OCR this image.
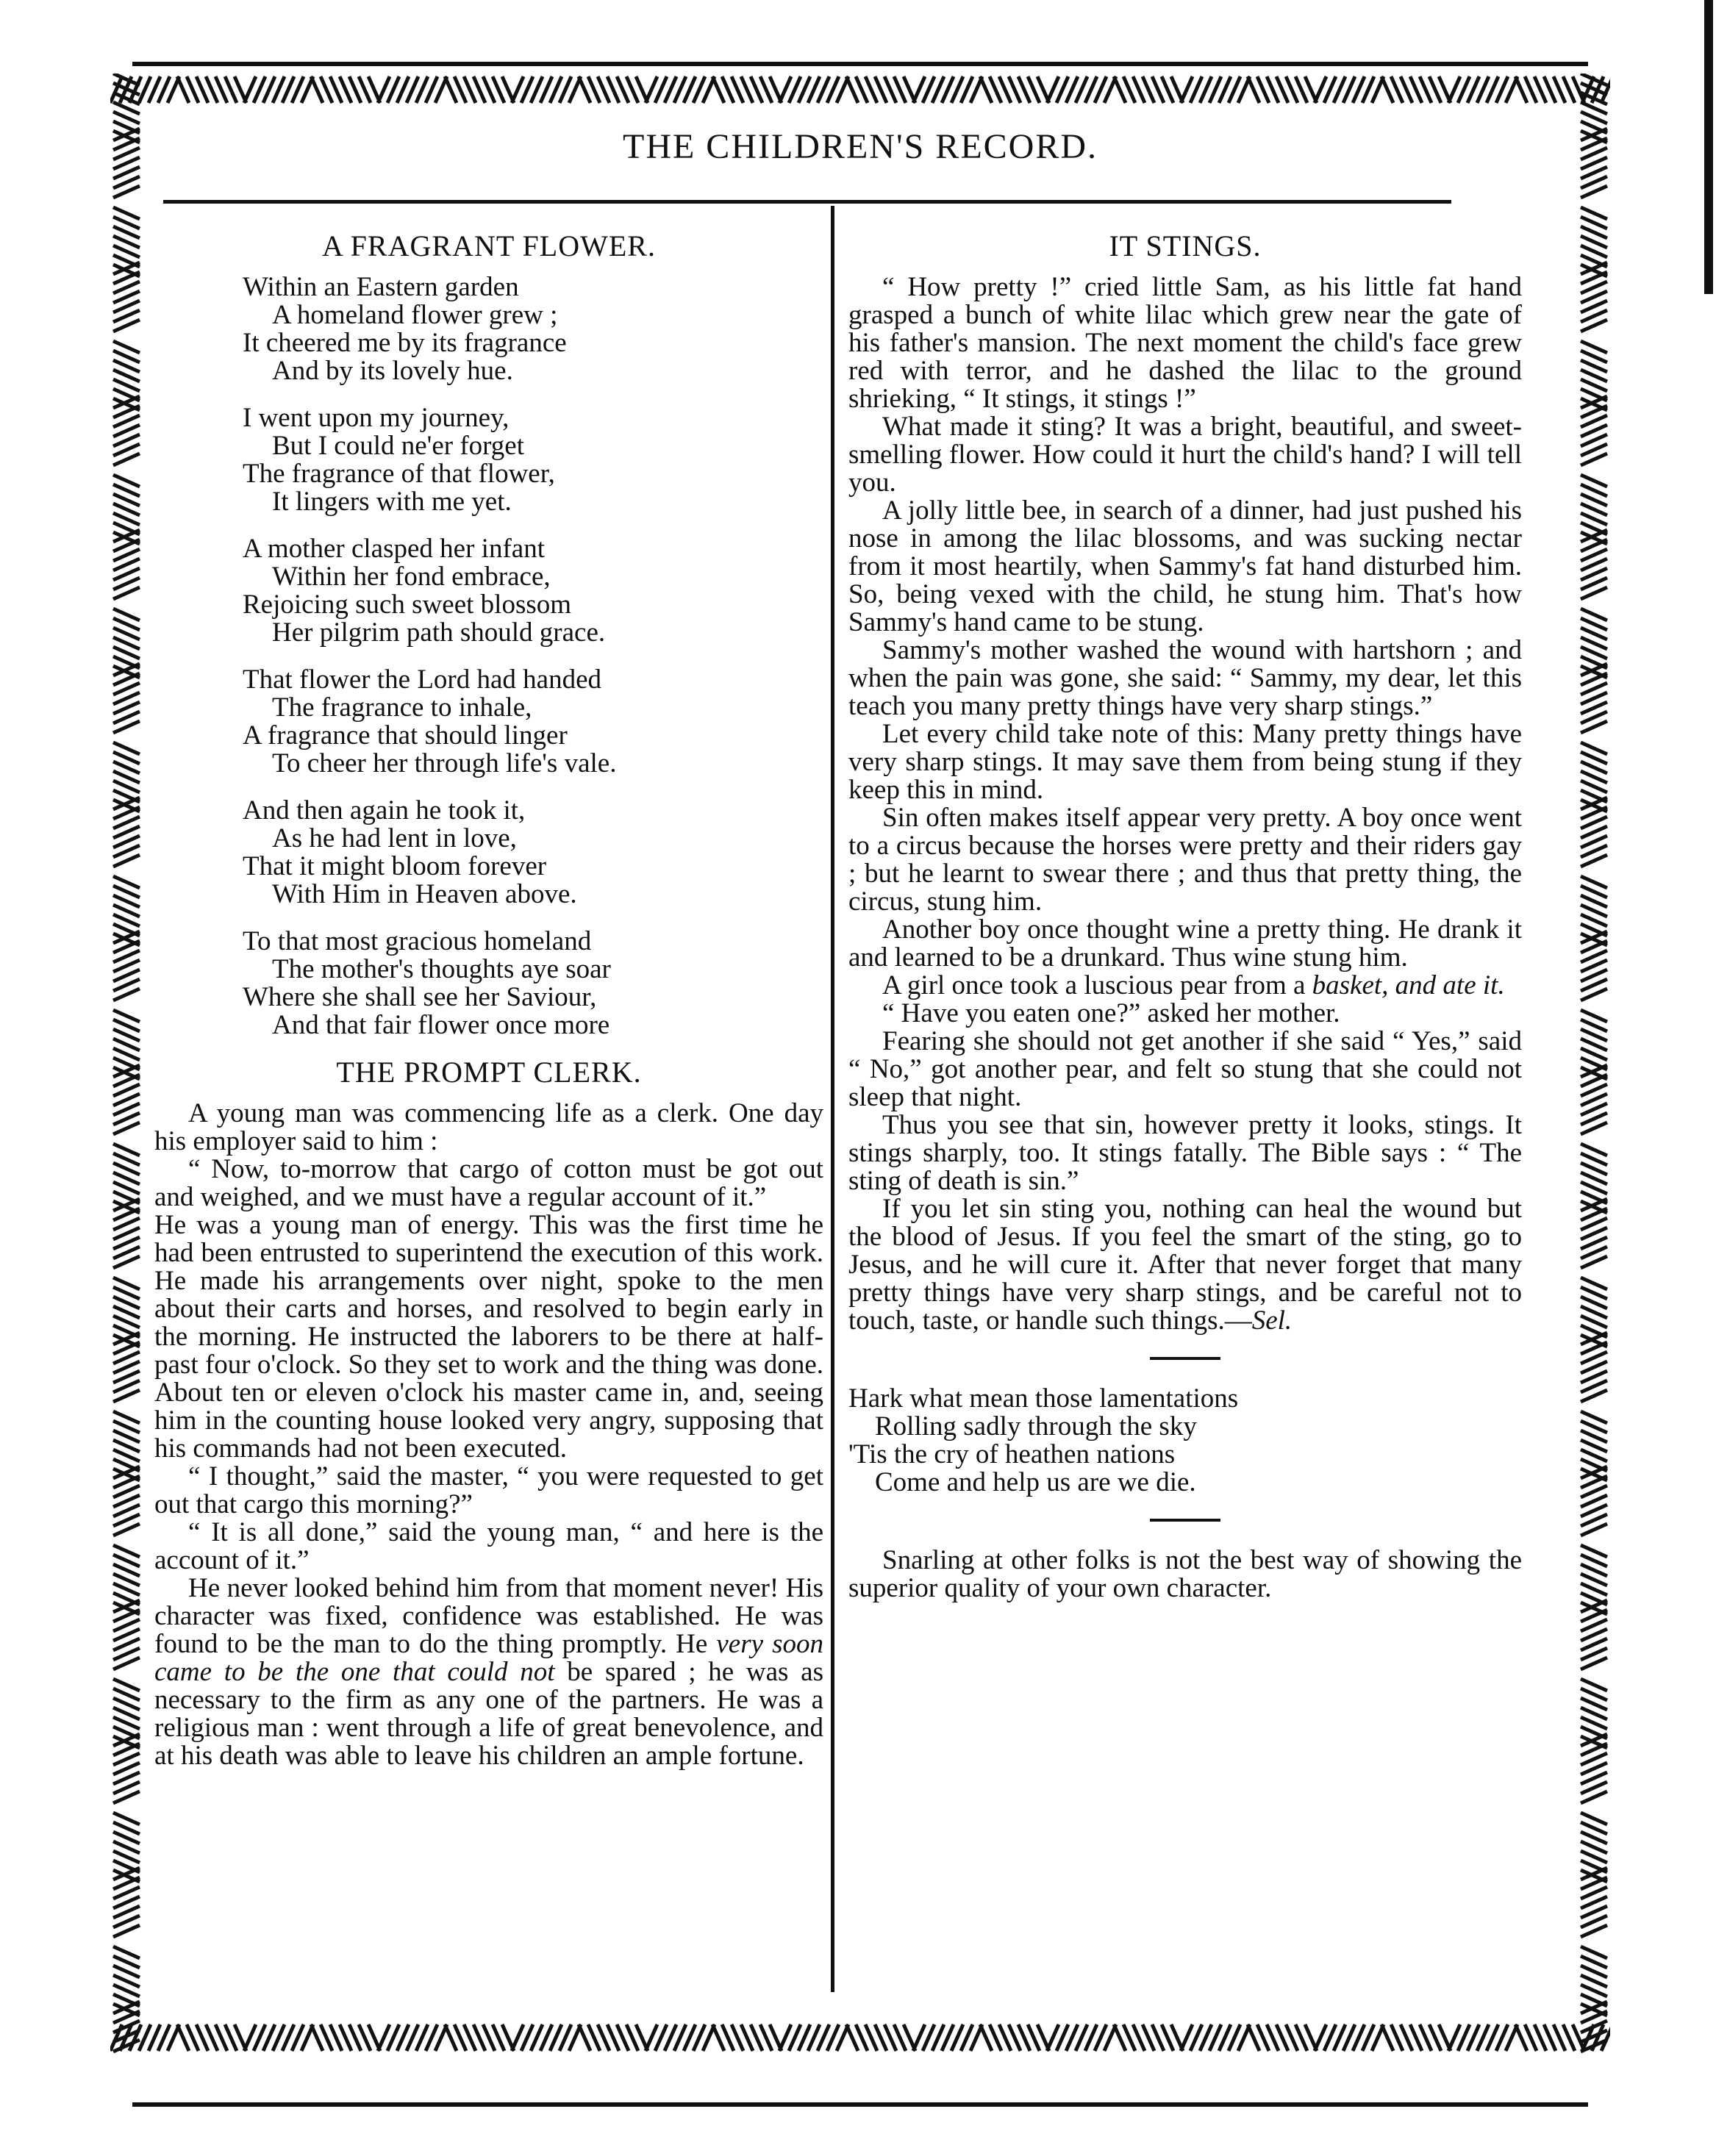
THE CHILDREN'S RECORD.
A FRAGRANT FLOWER.
Within an Eastern garden
A homeland flower grew ;
It cheered me by its fragrance
And by its lovely hue.
I went upon my journey,
But I could ne'er forget
The fragrance of that flower,
It lingers with me yet.
A mother clasped her infant
Within her fond embrace,
Rejoicing such sweet blossom
Her pilgrim path should grace.
That flower the Lord had handed
The fragrance to inhale,
A fragrance that should linger
To cheer her through life's vale.
And then again he took it,
As he had lent in love,
That it might bloom forever
With Him in Heaven above.
To that most gracious homeland
The mother's thoughts aye soar
Where she shall see her Saviour,
And that fair flower once more
THE PROMPT CLERK.

A young man was commencing life as a clerk. One day his employer said to him :

“ Now, to-morrow that cargo of cotton must be got out and weighed, and we must have a regular account of it.”

He was a young man of energy. This was the first time he had been entrusted to superintend the execution of this work. He made his arrangements over night, spoke to the men about their carts and horses, and resolved to begin early in the morning. He instructed the laborers to be there at half-past four o'clock. So they set to work and the thing was done. About ten or eleven o'clock his master came in, and, seeing him in the counting house looked very angry, supposing that his commands had not been executed.

“ I thought,” said the master, “ you were requested to get out that cargo this morning?”

“ It is all done,” said the young man, “ and here is the account of it.”

He never looked behind him from that moment never! His character was fixed, confidence was established. He was found to be the man to do the thing promptly. He very soon came to be the one that could not be spared ; he was as necessary to the firm as any one of the partners. He was a religious man : went through a life of great benevolence, and at his death was able to leave his children an ample fortune.

IT STINGS.

“ How pretty !” cried little Sam, as his little fat hand grasped a bunch of white lilac which grew near the gate of his father's mansion. The next moment the child's face grew red with terror, and he dashed the lilac to the ground shrieking, “ It stings, it stings !”

What made it sting? It was a bright, beautiful, and sweet-smelling flower. How could it hurt the child's hand? I will tell you.

A jolly little bee, in search of a dinner, had just pushed his nose in among the lilac blossoms, and was sucking nectar from it most heartily, when Sammy's fat hand disturbed him. So, being vexed with the child, he stung him. That's how Sammy's hand came to be stung.

Sammy's mother washed the wound with hartshorn ; and when the pain was gone, she said: “ Sammy, my dear, let this teach you many pretty things have very sharp stings.”

Let every child take note of this: Many pretty things have very sharp stings. It may save them from being stung if they keep this in mind.

Sin often makes itself appear very pretty. A boy once went to a circus because the horses were pretty and their riders gay ; but he learnt to swear there ; and thus that pretty thing, the circus, stung him.

Another boy once thought wine a pretty thing. He drank it and learned to be a drunkard. Thus wine stung him.

A girl once took a luscious pear from a basket, and ate it.

“ Have you eaten one?” asked her mother.

Fearing she should not get another if she said “ Yes,” said “ No,” got another pear, and felt so stung that she could not sleep that night.

Thus you see that sin, however pretty it looks, stings. It stings sharply, too. It stings fatally. The Bible says : “ The sting of death is sin.”

If you let sin sting you, nothing can heal the wound but the blood of Jesus. If you feel the smart of the sting, go to Jesus, and he will cure it. After that never forget that many pretty things have very sharp stings, and be careful not to touch, taste, or handle such things.—Sel.

Hark what mean those lamentations
Rolling sadly through the sky
'Tis the cry of heathen nations
Come and help us are we die.

Snarling at other folks is not the best way of showing the superior quality of your own character.
